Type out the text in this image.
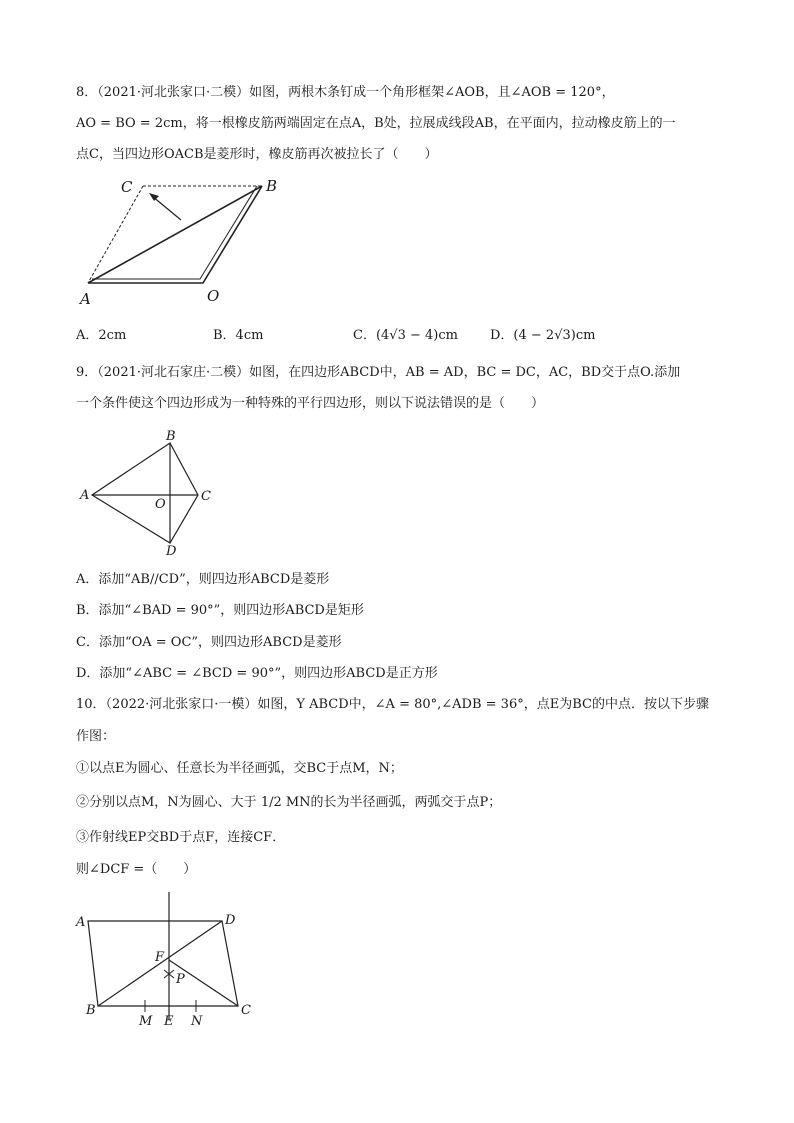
8．（2021·河北张家口·二模）如图，两根木条钉成一个角形框架∠AOB，且∠AOB = 120°，
AO = BO = 2cm，将一根橡皮筋两端固定在点A，B处，拉展成线段AB，在平面内，拉动橡皮筋上的一
点C，当四边形OACB是菱形时，橡皮筋再次被拉长了（　　）
C	B
A	O
A．2cm	B．4cm	C．(4√3 − 4)cm D．(4 − 2√3)cm
9．（2021·河北石家庄·二模）如图，在四边形ABCD中，AB = AD，BC = DC，AC，BD交于点O.添加
一个条件使这个四边形成为一种特殊的平行四边形，则以下说法错误的是（　　）
B
A
O
C
D
A．添加“AB//CD”，则四边形ABCD是菱形
B．添加“∠BAD = 90°”，则四边形ABCD是矩形
C．添加“OA = OC”，则四边形ABCD是菱形
D．添加“∠ABC = ∠BCD = 90°”，则四边形ABCD是正方形
10．（2022·河北张家口·一模）如图，Y ABCD中，∠A = 80°,∠ADB = 36°，点E为BC的中点．按以下步骤
作图：
①以点E为圆心、任意长为半径画弧，交BC于点M，N；
②分别以点M，N为圆心、大于 1/2 MN的长为半径画弧，两弧交于点P；
③作射线EP交BD于点F，连接CF．
则∠DCF =（　　）
A	D
F
P
B	C
M E N
